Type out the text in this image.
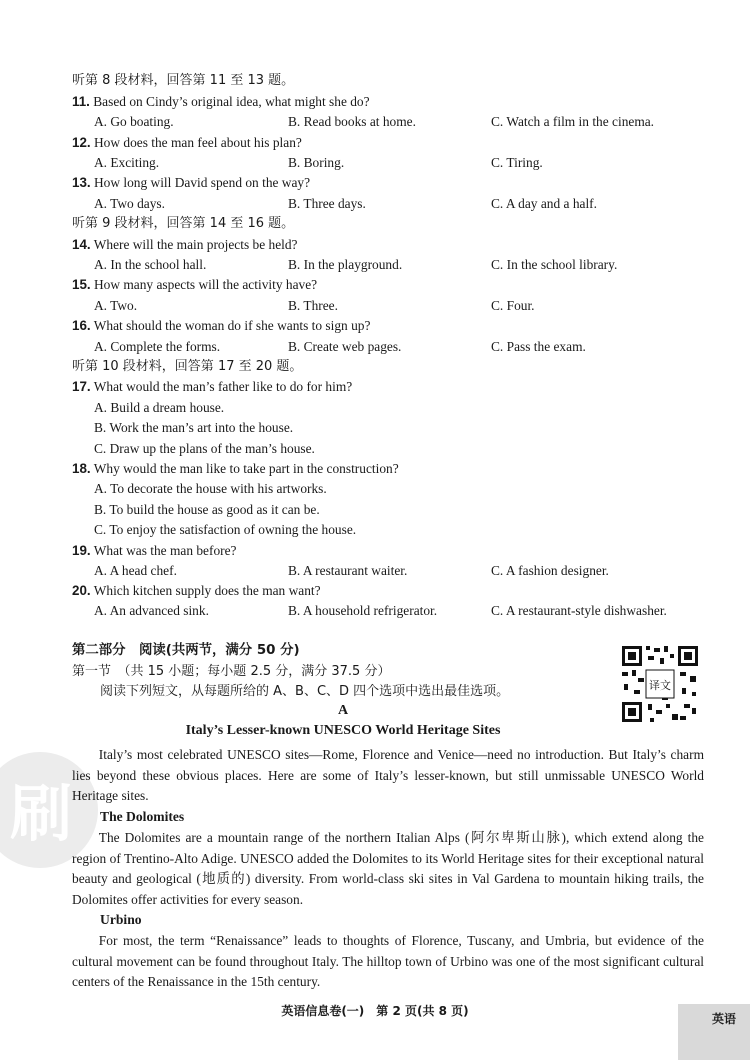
刷
听第 8 段材料，回答第 11 至 13 题。
11. Based on Cindy’s original idea, what might she do?
A. Go boating.	B. Read books at home.	C. Watch a film in the cinema.
12. How does the man feel about his plan?
A. Exciting.	B. Boring.	C. Tiring.
13. How long will David spend on the way?
A. Two days.	B. Three days.	C. A day and a half.
听第 9 段材料，回答第 14 至 16 题。
14. Where will the main projects be held?
A. In the school hall.	B. In the playground.	C. In the school library.
15. How many aspects will the activity have?
A. Two.	B. Three.	C. Four.
16. What should the woman do if she wants to sign up?
A. Complete the forms.	B. Create web pages.	C. Pass the exam.
听第 10 段材料，回答第 17 至 20 题。
17. What would the man’s father like to do for him?
A. Build a dream house.
B. Work the man’s art into the house.
C. Draw up the plans of the man’s house.
18. Why would the man like to take part in the construction?
A. To decorate the house with his artworks.
B. To build the house as good as it can be.
C. To enjoy the satisfaction of owning the house.
19. What was the man before?
A. A head chef.	B. A restaurant waiter.	C. A fashion designer.
20. Which kitchen supply does the man want?
A. An advanced sink.	B. A household refrigerator.	C. A restaurant-style dishwasher.
第二部分　阅读(共两节，满分 50 分)
第一节　（共 15 小题；每小题 2.5 分，满分 37.5 分）
阅读下列短文，从每题所给的 A、B、C、D 四个选项中选出最佳选项。	译文
A
Italy’s Lesser-known UNESCO World Heritage Sites
Italy’s most celebrated UNESCO sites—Rome, Florence and Venice—need no introduction. But Italy’s charm lies beyond these obvious places. Here are some of Italy’s lesser-known, but still unmissable UNESCO World Heritage sites.
The Dolomites
The Dolomites are a mountain range of the northern Italian Alps (阿尔卑斯山脉), which extend along the region of Trentino-Alto Adige. UNESCO added the Dolomites to its World Heritage sites for their exceptional natural beauty and geological (地质的) diversity. From world-class ski sites in Val Gardena to mountain hiking trails, the Dolomites offer activities for every season.
Urbino
For most, the term “Renaissance” leads to thoughts of Florence, Tuscany, and Umbria, but evidence of the cultural movement can be found throughout Italy. The hilltop town of Urbino was one of the most significant cultural centers of the Renaissance in the 15th century.
英语信息卷(一)　第 2 页(共 8 页)
英语
